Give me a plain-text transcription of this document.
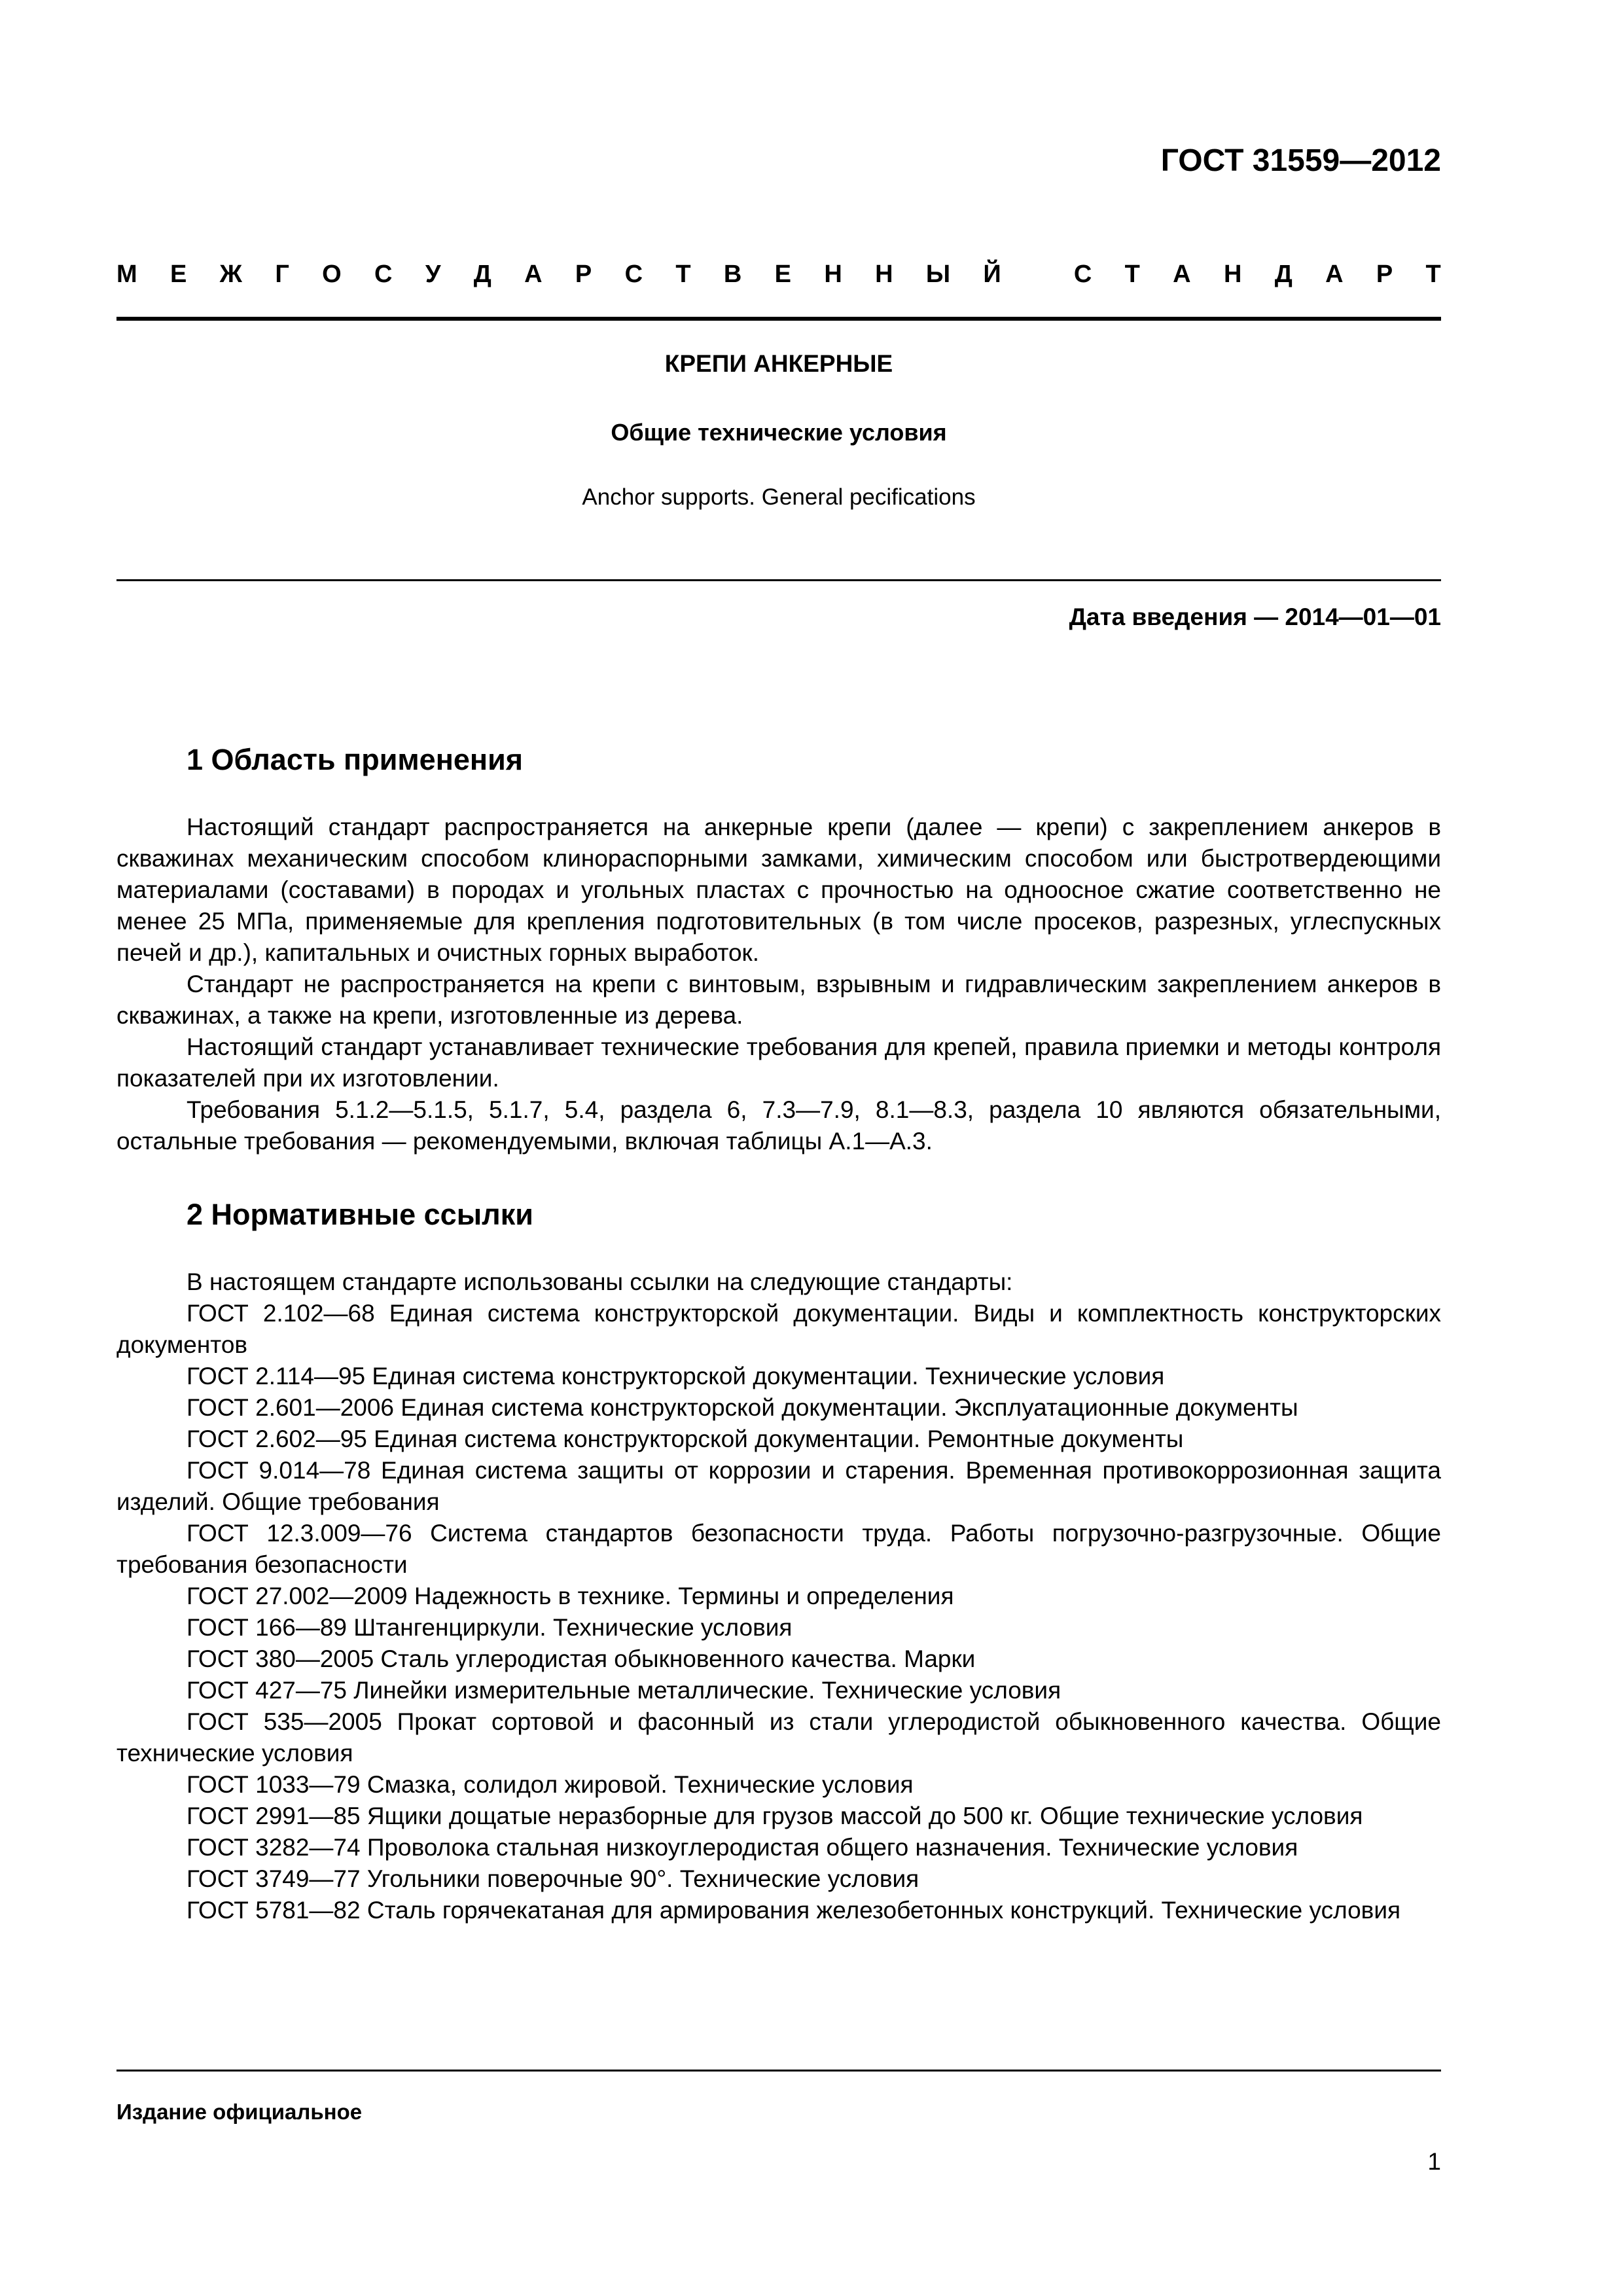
ГОСТ 31559—2012
М Е Ж Г О С У Д А Р С Т В Е Н Н Ы Й
	С Т А Н Д А Р Т
КРЕПИ АНКЕРНЫЕ
Общие технические условия
Anchor supports. General pecifications
Дата введения — 2014—01—01
1 Область применения

Настоящий стандарт распространяется на анкерные крепи (далее — крепи) с закреплением анкеров в скважинах механическим способом клинораспорными замками, химическим способом или быстротвердеющими материалами (составами) в породах и угольных пластах с прочностью на одноосное сжатие соответственно не менее 25 МПа, применяемые для крепления подготовительных (в том числе просеков, разрезных, углеспускных печей и др.), капитальных и очистных горных выработок.

Стандарт не распространяется на крепи с винтовым, взрывным и гидравлическим закреплением анкеров в скважинах, а также на крепи, изготовленные из дерева.

Настоящий стандарт устанавливает технические требования для крепей, правила приемки и методы контроля показателей при их изготовлении.

Требования 5.1.2—5.1.5, 5.1.7, 5.4, раздела 6, 7.3—7.9, 8.1—8.3, раздела 10 являются обязательными, остальные требования — рекомендуемыми, включая таблицы А.1—А.3.

2 Нормативные ссылки

В настоящем стандарте использованы ссылки на следующие стандарты:

ГОСТ 2.102—68 Единая система конструкторской документации. Виды и комплектность конструкторских документов

ГОСТ 2.114—95 Единая система конструкторской документации. Технические условия

ГОСТ 2.601—2006 Единая система конструкторской документации. Эксплуатационные документы

ГОСТ 2.602—95 Единая система конструкторской документации. Ремонтные документы

ГОСТ 9.014—78 Единая система защиты от коррозии и старения. Временная противокоррозионная защита изделий. Общие требования

ГОСТ 12.3.009—76 Система стандартов безопасности труда. Работы погрузочно-разгрузочные. Общие требования безопасности

ГОСТ 27.002—2009 Надежность в технике. Термины и определения

ГОСТ 166—89 Штангенциркули. Технические условия

ГОСТ 380—2005 Сталь углеродистая обыкновенного качества. Марки

ГОСТ 427—75 Линейки измерительные металлические. Технические условия

ГОСТ 535—2005 Прокат сортовой и фасонный из стали углеродистой обыкновенного качества. Общие технические условия

ГОСТ 1033—79 Смазка, солидол жировой. Технические условия

ГОСТ 2991—85 Ящики дощатые неразборные для грузов массой до 500 кг. Общие технические условия

ГОСТ 3282—74 Проволока стальная низкоуглеродистая общего назначения. Технические условия

ГОСТ 3749—77 Угольники поверочные 90°. Технические условия

ГОСТ 5781—82 Сталь горячекатаная для армирования железобетонных конструкций. Технические условия

Издание официальное
1
